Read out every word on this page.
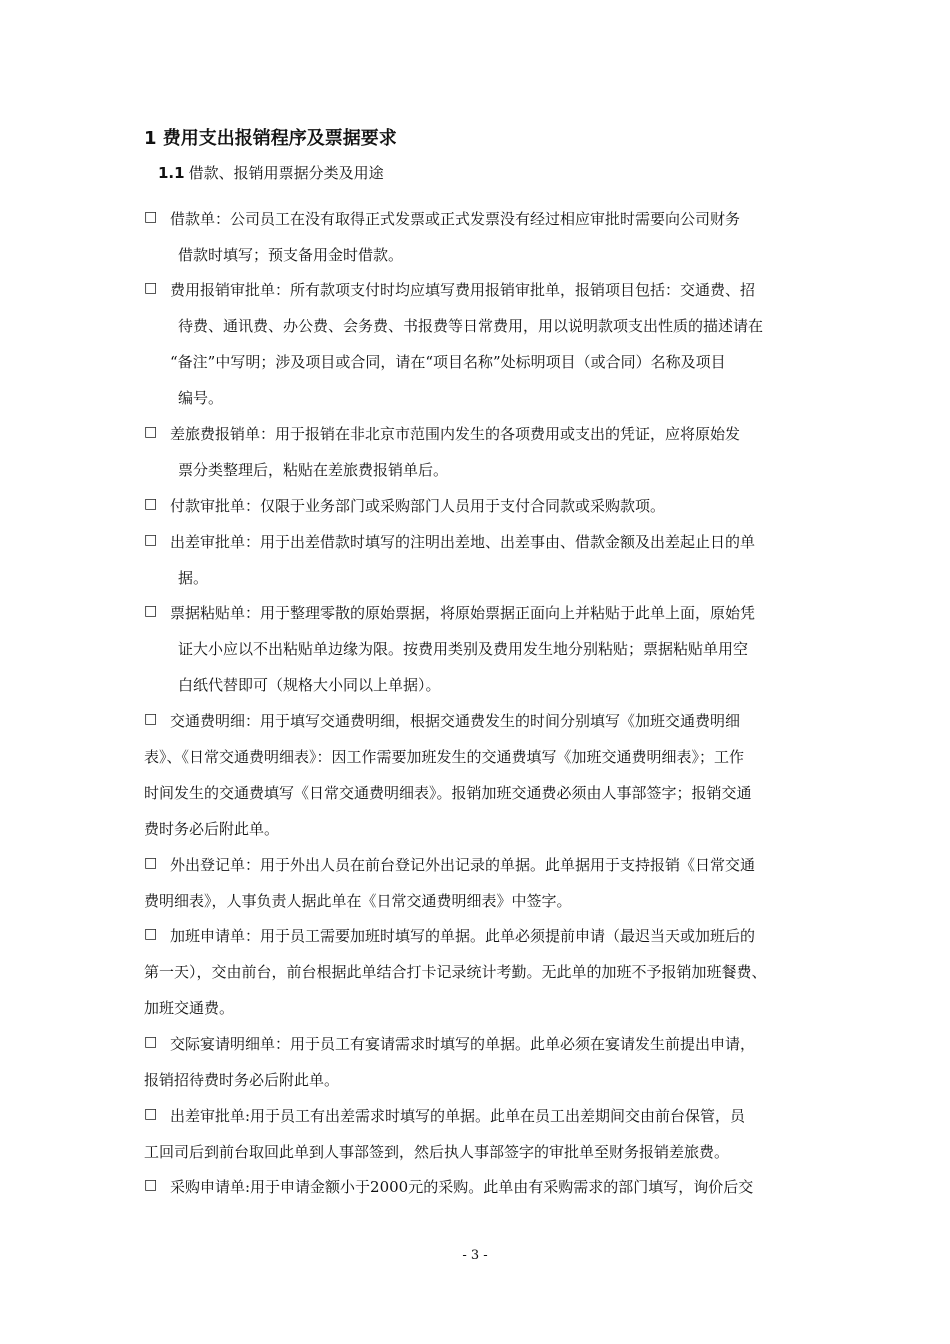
1 费用支出报销程序及票据要求
1.1 借款、报销用票据分类及用途
□ 借款单：公司员工在没有取得正式发票或正式发票没有经过相应审批时需要向公司财务
借款时填写；预支备用金时借款。
□ 费用报销审批单：所有款项支付时均应填写费用报销审批单，报销项目包括：交通费、招
待费、通讯费、办公费、会务费、书报费等日常费用，用以说明款项支出性质的描述请在
“备注”中写明；涉及项目或合同，请在“项目名称”处标明项目（或合同）名称及项目
编号。
□ 差旅费报销单：用于报销在非北京市范围内发生的各项费用或支出的凭证，应将原始发
票分类整理后，粘贴在差旅费报销单后。
□ 付款审批单：仅限于业务部门或采购部门人员用于支付合同款或采购款项。
□ 出差审批单：用于出差借款时填写的注明出差地、出差事由、借款金额及出差起止日的单
据。
□ 票据粘贴单：用于整理零散的原始票据，将原始票据正面向上并粘贴于此单上面，原始凭
证大小应以不出粘贴单边缘为限。按费用类别及费用发生地分别粘贴；票据粘贴单用空
白纸代替即可（规格大小同以上单据）。
□ 交通费明细：用于填写交通费明细，根据交通费发生的时间分别填写《加班交通费明细
表》、《日常交通费明细表》：因工作需要加班发生的交通费填写《加班交通费明细表》；工作
时间发生的交通费填写《日常交通费明细表》。报销加班交通费必须由人事部签字；报销交通
费时务必后附此单。
□ 外出登记单：用于外出人员在前台登记外出记录的单据。此单据用于支持报销《日常交通
费明细表》，人事负责人据此单在《日常交通费明细表》中签字。
□ 加班申请单：用于员工需要加班时填写的单据。此单必须提前申请（最迟当天或加班后的
第一天），交由前台，前台根据此单结合打卡记录统计考勤。无此单的加班不予报销加班餐费、
加班交通费。
□ 交际宴请明细单：用于员工有宴请需求时填写的单据。此单必须在宴请发生前提出申请，
报销招待费时务必后附此单。
□ 出差审批单:用于员工有出差需求时填写的单据。此单在员工出差期间交由前台保管，员
工回司后到前台取回此单到人事部签到，然后执人事部签字的审批单至财务报销差旅费。
□ 采购申请单:用于申请金额小于2000元的采购。此单由有采购需求的部门填写，询价后交
- 3 -
